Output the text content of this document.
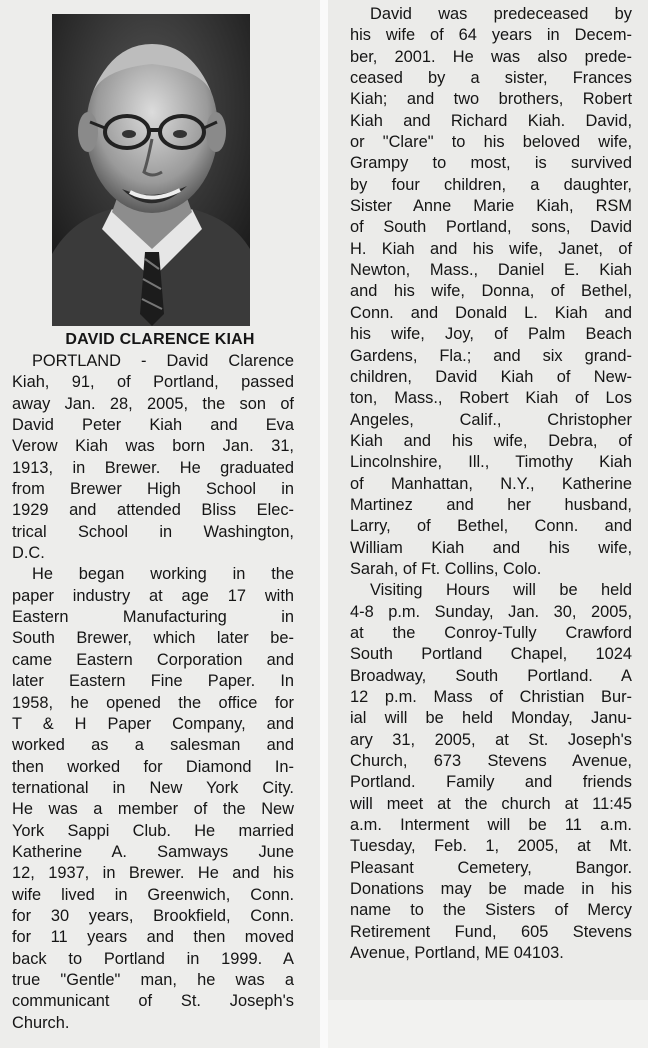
DAVID CLARENCE KIAH
PORTLAND - David Clarence
Kiah, 91, of Portland, passed
away Jan. 28, 2005, the son of
David Peter Kiah and Eva
Verow Kiah was born Jan. 31,
1913, in Brewer. He graduated
from Brewer High School in
1929 and attended Bliss Elec-
trical School in Washington,
D.C.
He began working in the
paper industry at age 17 with
Eastern Manufacturing in
South Brewer, which later be-
came Eastern Corporation and
later Eastern Fine Paper. In
1958, he opened the office for
T & H Paper Company, and
worked as a salesman and
then worked for Diamond In-
ternational in New York City.
He was a member of the New
York Sappi Club. He married
Katherine A. Samways June
12, 1937, in Brewer. He and his
wife lived in Greenwich, Conn.
for 30 years, Brookfield, Conn.
for 11 years and then moved
back to Portland in 1999. A
true "Gentle" man, he was a
communicant of St. Joseph's
Church.
David was predeceased by
his wife of 64 years in Decem-
ber, 2001. He was also prede-
ceased by a sister, Frances
Kiah; and two brothers, Robert
Kiah and Richard Kiah. David,
or "Clare" to his beloved wife,
Grampy to most, is survived
by four children, a daughter,
Sister Anne Marie Kiah, RSM
of South Portland, sons, David
H. Kiah and his wife, Janet, of
Newton, Mass., Daniel E. Kiah
and his wife, Donna, of Bethel,
Conn. and Donald L. Kiah and
his wife, Joy, of Palm Beach
Gardens, Fla.; and six grand-
children, David Kiah of New-
ton, Mass., Robert Kiah of Los
Angeles, Calif., Christopher
Kiah and his wife, Debra, of
Lincolnshire, Ill., Timothy Kiah
of Manhattan, N.Y., Katherine
Martinez and her husband,
Larry, of Bethel, Conn. and
William Kiah and his wife,
Sarah, of Ft. Collins, Colo.
Visiting Hours will be held
4-8 p.m. Sunday, Jan. 30, 2005,
at the Conroy-Tully Crawford
South Portland Chapel, 1024
Broadway, South Portland. A
12 p.m. Mass of Christian Bur-
ial will be held Monday, Janu-
ary 31, 2005, at St. Joseph's
Church, 673 Stevens Avenue,
Portland. Family and friends
will meet at the church at 11:45
a.m. Interment will be 11 a.m.
Tuesday, Feb. 1, 2005, at Mt.
Pleasant Cemetery, Bangor.
Donations may be made in his
name to the Sisters of Mercy
Retirement Fund, 605 Stevens
Avenue, Portland, ME 04103.
